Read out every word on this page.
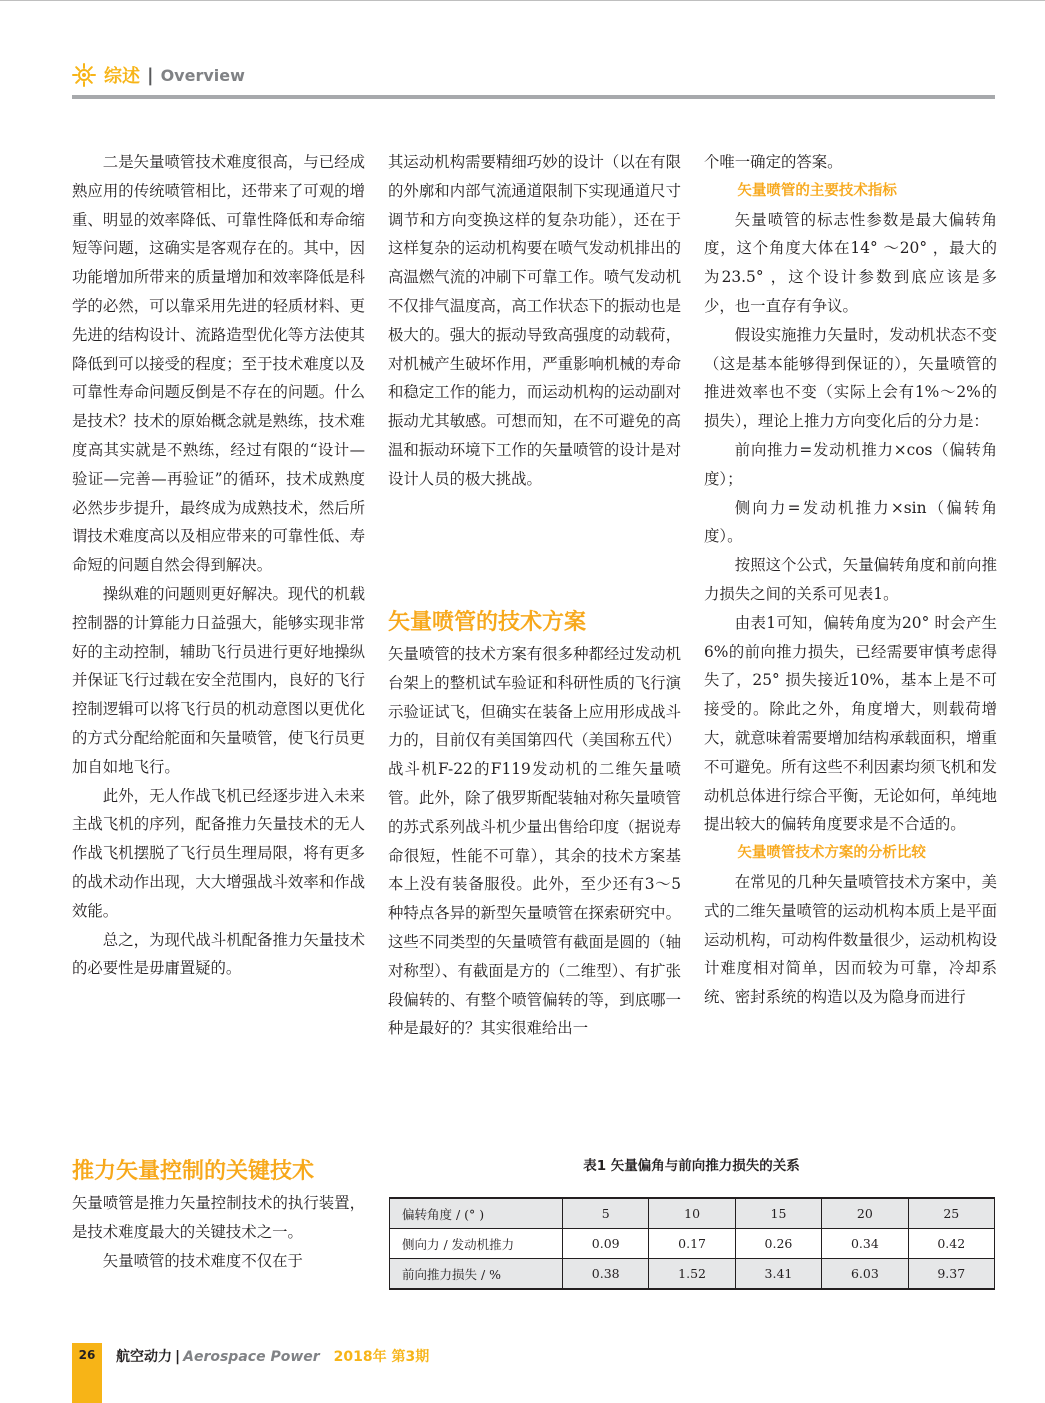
综述 | Overview

二是矢量喷管技术难度很高，与已经成熟应用的传统喷管相比，还带来了可观的增重、明显的效率降低、可靠性降低和寿命缩短等问题，这确实是客观存在的。其中，因功能增加所带来的质量增加和效率降低是科学的必然，可以靠采用先进的轻质材料、更先进的结构设计、流路造型优化等方法使其降低到可以接受的程度；至于技术难度以及可靠性寿命问题反倒是不存在的问题。什么是技术？技术的原始概念就是熟练，技术难度高其实就是不熟练，经过有限的“设计—验证—完善—再验证”的循环，技术成熟度必然步步提升，最终成为成熟技术，然后所谓技术难度高以及相应带来的可靠性低、寿命短的问题自然会得到解决。

操纵难的问题则更好解决。现代的机载控制器的计算能力日益强大，能够实现非常好的主动控制，辅助飞行员进行更好地操纵并保证飞行过载在安全范围内，良好的飞行控制逻辑可以将飞行员的机动意图以更优化的方式分配给舵面和矢量喷管，使飞行员更加自如地飞行。

此外，无人作战飞机已经逐步进入未来主战飞机的序列，配备推力矢量技术的无人作战飞机摆脱了飞行员生理局限，将有更多的战术动作出现，大大增强战斗效率和作战效能。

总之，为现代战斗机配备推力矢量技术的必要性是毋庸置疑的。

推力矢量控制的关键技术

矢量喷管是推力矢量控制技术的执行装置，是技术难度最大的关键技术之一。

矢量喷管的技术难度不仅在于

其运动机构需要精细巧妙的设计（以在有限的外廓和内部气流通道限制下实现通道尺寸调节和方向变换这样的复杂功能），还在于这样复杂的运动机构要在喷气发动机排出的高温燃气流的冲刷下可靠工作。喷气发动机不仅排气温度高，高工作状态下的振动也是极大的。强大的振动导致高强度的动载荷，对机械产生破坏作用，严重影响机械的寿命和稳定工作的能力，而运动机构的运动副对振动尤其敏感。可想而知，在不可避免的高温和振动环境下工作的矢量喷管的设计是对设计人员的极大挑战。

矢量喷管的技术方案

矢量喷管的技术方案有很多种都经过发动机台架上的整机试车验证和科研性质的飞行演示验证试飞，但确实在装备上应用形成战斗力的，目前仅有美国第四代（美国称五代）战斗机F-22的F119发动机的二维矢量喷管。此外，除了俄罗斯配装轴对称矢量喷管的苏式系列战斗机少量出售给印度（据说寿命很短，性能不可靠），其余的技术方案基本上没有装备服役。此外，至少还有3～5种特点各异的新型矢量喷管在探索研究中。这些不同类型的矢量喷管有截面是圆的（轴对称型）、有截面是方的（二维型）、有扩张段偏转的、有整个喷管偏转的等，到底哪一种是最好的？其实很难给出一

个唯一确定的答案。

矢量喷管的主要技术指标

矢量喷管的标志性参数是最大偏转角度，这个角度大体在14° ～20° ，最大的为23.5° ，这个设计参数到底应该是多少，也一直存有争议。

假设实施推力矢量时，发动机状态不变（这是基本能够得到保证的），矢量喷管的推进效率也不变（实际上会有1%～2%的损失），理论上推力方向变化后的分力是：

前向推力=发动机推力×cos（偏转角度）；

侧向力=发动机推力×sin（偏转角度）。

按照这个公式，矢量偏转角度和前向推力损失之间的关系可见表1。

由表1可知，偏转角度为20° 时会产生6%的前向推力损失，已经需要审慎考虑得失了，25° 损失接近10%，基本上是不可接受的。除此之外，角度增大，则载荷增大，就意味着需要增加结构承载面积，增重不可避免。所有这些不利因素均须飞机和发动机总体进行综合平衡，无论如何，单纯地提出较大的偏转角度要求是不合适的。

矢量喷管技术方案的分析比较

在常见的几种矢量喷管技术方案中，美式的二维矢量喷管的运动机构本质上是平面运动机构，可动构件数量很少，运动机构设计难度相对简单，因而较为可靠，冷却系统、密封系统的构造以及为隐身而进行

表1 矢量偏角与前向推力损失的关系
偏转角度 / (° )	5	10	15	20	25
侧向力 / 发动机推力	0.09	0.17	0.26	0.34	0.42
前向推力损失 / %	0.38	1.52	3.41	6.03	9.37
26	航空动力 | Aerospace Power 2018年 第3期
